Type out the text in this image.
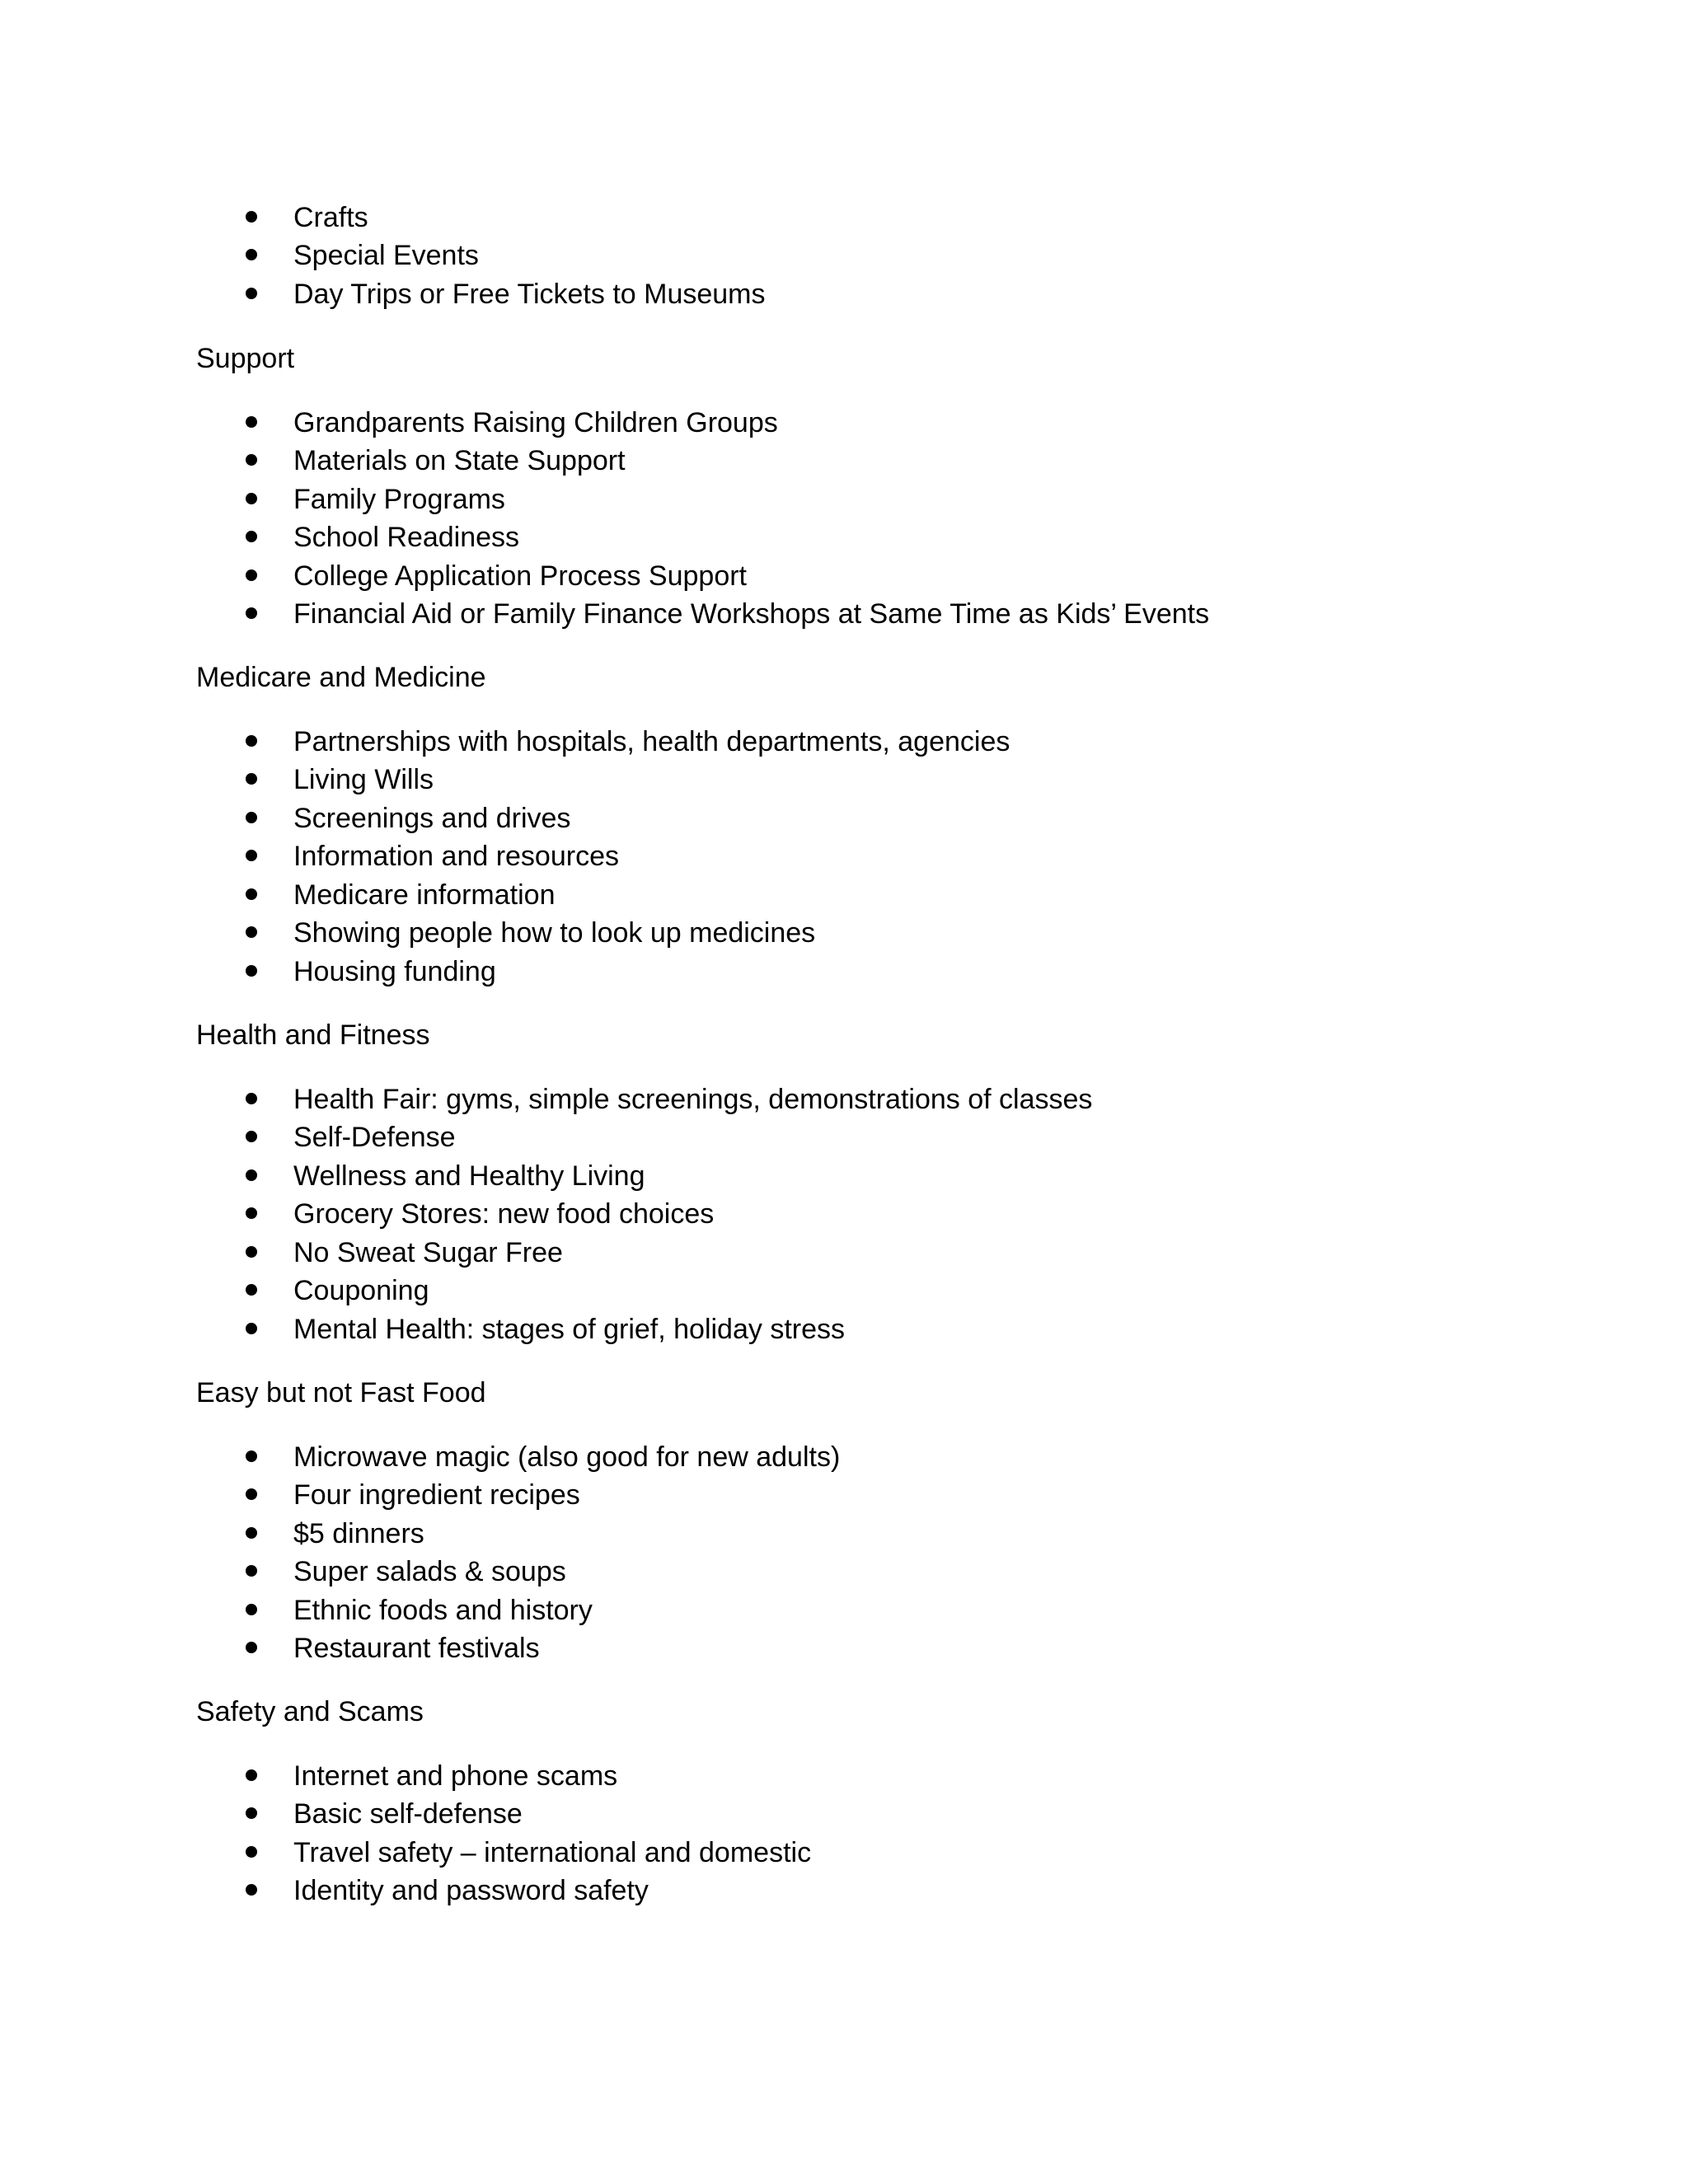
Crafts
Special Events
Day Trips or Free Tickets to Museums
Support
Grandparents Raising Children Groups
Materials on State Support
Family Programs
School Readiness
College Application Process Support
Financial Aid or Family Finance Workshops at Same Time as Kids’ Events
Medicare and Medicine
Partnerships with hospitals, health departments, agencies
Living Wills
Screenings and drives
Information and resources
Medicare information
Showing people how to look up medicines
Housing funding
Health and Fitness
Health Fair: gyms, simple screenings, demonstrations of classes
Self-Defense
Wellness and Healthy Living
Grocery Stores: new food choices
No Sweat Sugar Free
Couponing
Mental Health: stages of grief, holiday stress
Easy but not Fast Food
Microwave magic (also good for new adults)
Four ingredient recipes
$5 dinners
Super salads & soups
Ethnic foods and history
Restaurant festivals
Safety and Scams
Internet and phone scams
Basic self-defense
Travel safety – international and domestic
Identity and password safety
